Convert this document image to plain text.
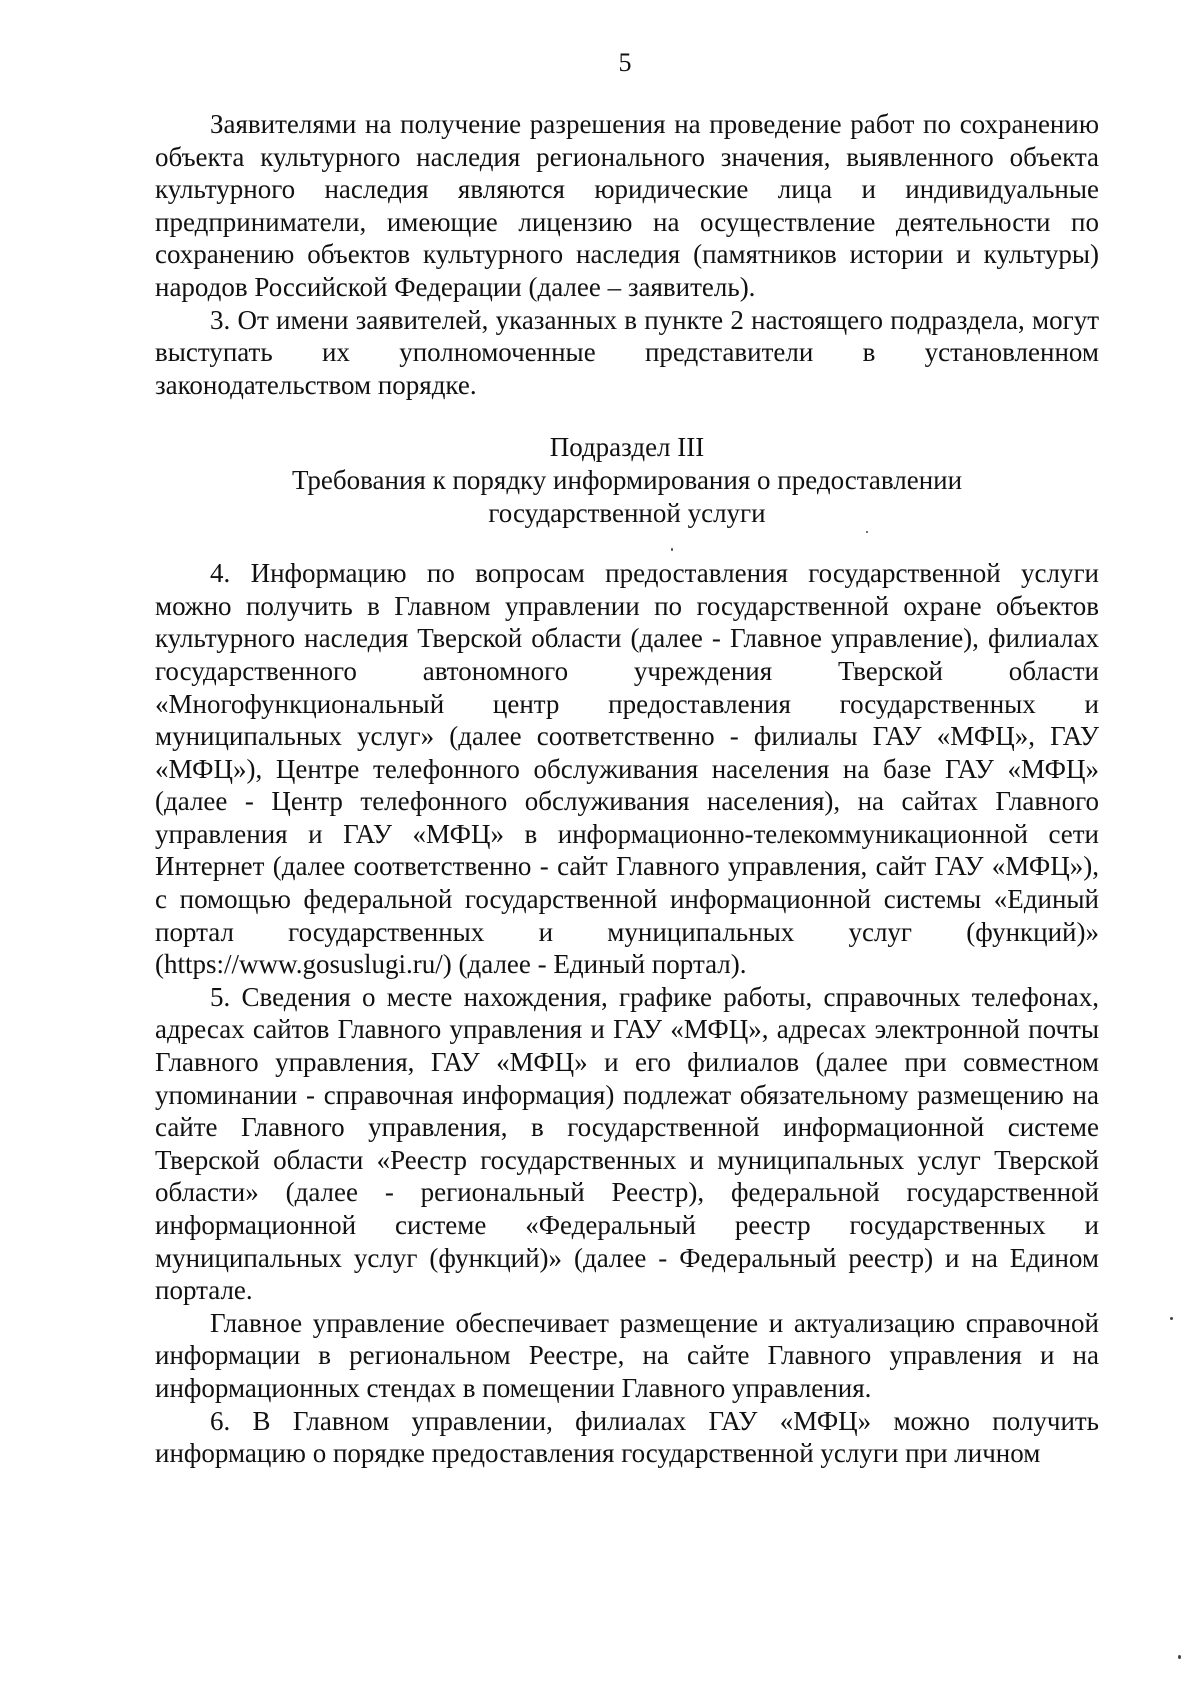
5

Заявителями на получение разрешения на проведение работ по сохранению объекта культурного наследия регионального значения, выявленного объекта культурного наследия являются юридические лица и индивидуальные предприниматели, имеющие лицензию на осуществление деятельности по сохранению объектов культурного наследия (памятников истории и культуры) народов Российской Федерации (далее – заявитель).

3. От имени заявителей, указанных в пункте 2 настоящего подраздела, могут выступать их уполномоченные представители в установленном законодательством порядке.

Подраздел III
Требования к порядку информирования о предоставлении
государственной услуги

4. Информацию по вопросам предоставления государственной услуги можно получить в Главном управлении по государственной охране объектов культурного наследия Тверской области (далее - Главное управление), филиалах государственного автономного учреждения Тверской области «Многофункциональный центр предоставления государственных и муниципальных услуг» (далее соответственно - филиалы ГАУ «МФЦ», ГАУ «МФЦ»), Центре телефонного обслуживания населения на базе ГАУ «МФЦ» (далее - Центр телефонного обслуживания населения), на сайтах Главного управления и ГАУ «МФЦ» в информационно-телекоммуникационной сети Интернет (далее соответственно - сайт Главного управления, сайт ГАУ «МФЦ»), с помощью федеральной государственной информационной системы «Единый портал государственных и муниципальных услуг (функций)» (https://www.gosuslugi.ru/) (далее - Единый портал).

5. Сведения о месте нахождения, графике работы, справочных телефонах, адресах сайтов Главного управления и ГАУ «МФЦ», адресах электронной почты Главного управления, ГАУ «МФЦ» и его филиалов (далее при совместном упоминании - справочная информация) подлежат обязательному размещению на сайте Главного управления, в государственной информационной системе Тверской области «Реестр государственных и муниципальных услуг Тверской области» (далее - региональный Реестр), федеральной государственной информационной системе «Федеральный реестр государственных и муниципальных услуг (функций)» (далее - Федеральный реестр) и на Едином портале.

Главное управление обеспечивает размещение и актуализацию справочной информации в региональном Реестре, на сайте Главного управления и на информационных стендах в помещении Главного управления.

6. В Главном управлении, филиалах ГАУ «МФЦ» можно получить информацию о порядке предоставления государственной услуги при личном
